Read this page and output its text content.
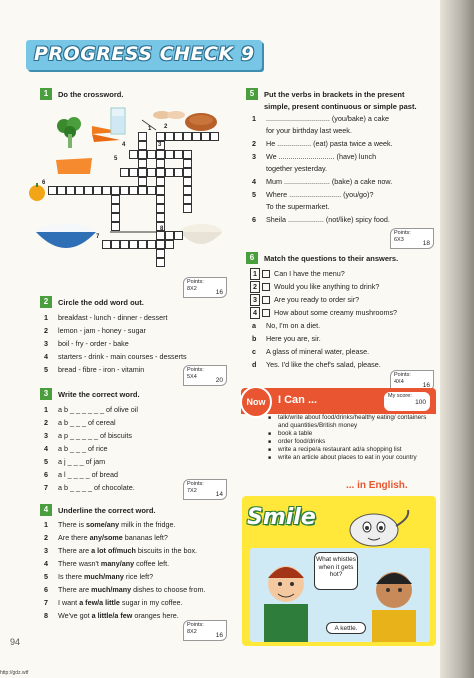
PROGRESS CHECK 9
1	Do the crossword.
1 2
3
4
5
6
7
8
Points:
8X2	16
2	Circle the odd word out.
1 breakfast - lunch - dinner - dessert
2 lemon - jam - honey - sugar
3 boil - fry - order - bake
4 starters - drink - main courses - desserts
5 bread - fibre - iron - vitamin	Points:
5X4	20
3	Write the correct word.
1 a b _ _ _ _ _ _ of olive oil
2 a b _ _ _ of cereal
3 a p _ _ _ _ _ of biscuits
4 a b _ _ _ of rice
5 a j _ _ _ of jam
6 a l _ _ _ _ of bread
7 a b _ _ _ _ of chocolate.	Points:
7X2	14
4	Underline the correct word.
1 There is some/any milk in the fridge.
2 Are there any/some bananas left?
3 There are a lot of/much biscuits in the box.
4 There wasn't many/any coffee left.
5 Is there much/many rice left?
6 There are much/many dishes to choose from.
7 I want a few/a little sugar in my coffee.
8 We've got a little/a few oranges here.
Points:
8X2	16
94
http://gdz.wtf
5	Put the verbs in brackets in the present
simple, present continuous or simple past.
1 ................................ (you/bake) a cake
for your birthday last week.
2 He ................. (eat) pasta twice a week.
3 We ............................ (have) lunch
together yesterday.
4 Mum ....................... (bake) a cake now.
5 Where .......................... (you/go)?
To the supermarket.
6 Sheila .................. (not/like) spicy food.
Points:
6X3	18
6	Match the questions to their answers.
1 Can I have the menu?
2 Would you like anything to drink?
3 Are you ready to order sir?
4 How about some creamy mushrooms?
a No, I'm on a diet.
b Here you are, sir.
c A glass of mineral water, please.
d Yes. I'd like the chef's salad, please.
Points:
4X4	16
Now	I Can ...	My score:
100
■ talk/write about food/drinks/healthy eating/ containers and quantities/British money
■ book a table
■ order food/drinks
■ write a recipe/a restaurant ad/a shopping list
■ write an article about places to eat in your country
... in English.
Smile
What whistles when it gets hot?
A kettle.
